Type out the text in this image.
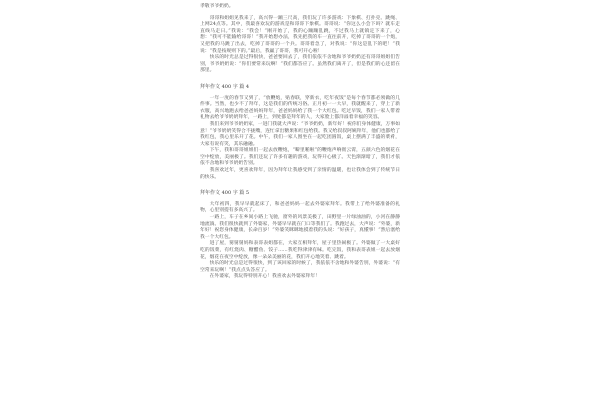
孝敬爷爷奶奶。

哥哥和姐姐见我来了，高兴得一蹦三尺高，我们玩了许多游戏：下象棋、打扑克、跳绳、上网24点等。其中，我最喜欢玩的游戏是和哥哥下象棋。哥哥说：“你这么小会下吗？就车走直线马走日。”我说：“我会！”刚开始了，我的心蹦蹦乱跳，不过我马上就镇定下来了，心想：“我可不能输给哥哥！”我开始想办法，我先把我的车一直往前开，吃掉了哥哥的一个炮，又把我的马跳了出去，吃掉了哥哥的一个兵。哥哥着急了，对我说：“你这是乱下的吧！”我说：“我是按规则下的。”最后，我赢了哥哥，我可开心啦！

快乐的时光总是过得很快，爸爸要回去了，我们依依不舍地和爷爷奶奶还有哥哥姐姐们告别，爷爷奶奶说：“你们要常来玩啊！”我们都答应了。虽然我们离开了，但是我们的心还留在那里。

拜年作文 400 字 篇 4

一年一度的春节又到了，“放鞭炮，贴春联，穿新衣，吃年夜饭”是每个春节都必须做的几件事。当然，也少不了拜年，这是我们的传统习俗。正月初一一大早，我就醒来了，穿上了新衣服，高兴地跑去给爸爸妈妈拜年，爸爸妈妈给了我一个大红包。吃过早饭，我们一家人带着礼物去给爷爷奶奶拜年，一路上，到处都是拜年的人，大家脸上都洋溢着幸福的笑容。

我们来到爷爷奶奶家，一进门我就大声说：“爷爷奶奶，新年好！祝你们身体健康，万事如意！”爷爷奶奶笑得合不拢嘴，连忙拿出糖果和红包给我。我又给叔叔阿姨拜年，他们也都给了我红包，我心里乐开了花。中午，我们一家人围坐在一起吃团圆饭，桌上摆满了丰盛的菜肴，大家有说有笑，其乐融融。

下午，我和哥哥姐姐们一起去放鞭炮，“噼里啪啦”的鞭炮声响彻云霄，五颜六色的烟花在空中绽放，美丽极了。我们还玩了许多有趣的游戏，玩得开心极了。天色渐渐暗了，我们才依依不舍地和爷爷奶奶告别。

我喜欢过年，更喜欢拜年，因为拜年让我感受到了亲情的温暖，也让我体会到了传统节日的快乐。

拜年作文 400 字 篇 5

大年初四，我早早就起床了，和爸爸妈妈一起去外婆家拜年。我带上了给外婆准备的礼物，心里别提有多高兴了。

一路上，车子在乡间小路上飞驰，窗外的风景美极了，田野里一片绿油油的，小河在静静地流淌。我们很快就到了外婆家，外婆早早就在门口等我们了。我跑过去，大声说：“外婆，新年好！祝您身体健康，长命百岁！”外婆笑眯眯地摸着我的头说：“好孩子，真懂事！”然后塞给我一个大红包。

进了屋，舅舅舅妈和表哥表姐都在，大家互相拜年，屋子里热闹极了。外婆做了一大桌好吃的饭菜，有红烧肉、糖醋鱼、饺子……我吃得津津有味。吃完饭，我和表哥表姐一起去放烟花，烟花在夜空中绽放，像一朵朵美丽的花，我们开心地笑着、跳着。

快乐的时光总是过得很快，到了该回家的时候了，我依依不舍地和外婆告别，外婆说：“有空常来玩啊！”我点点头答应了。

在外婆家，我玩得特别开心！我喜欢去外婆家拜年！
